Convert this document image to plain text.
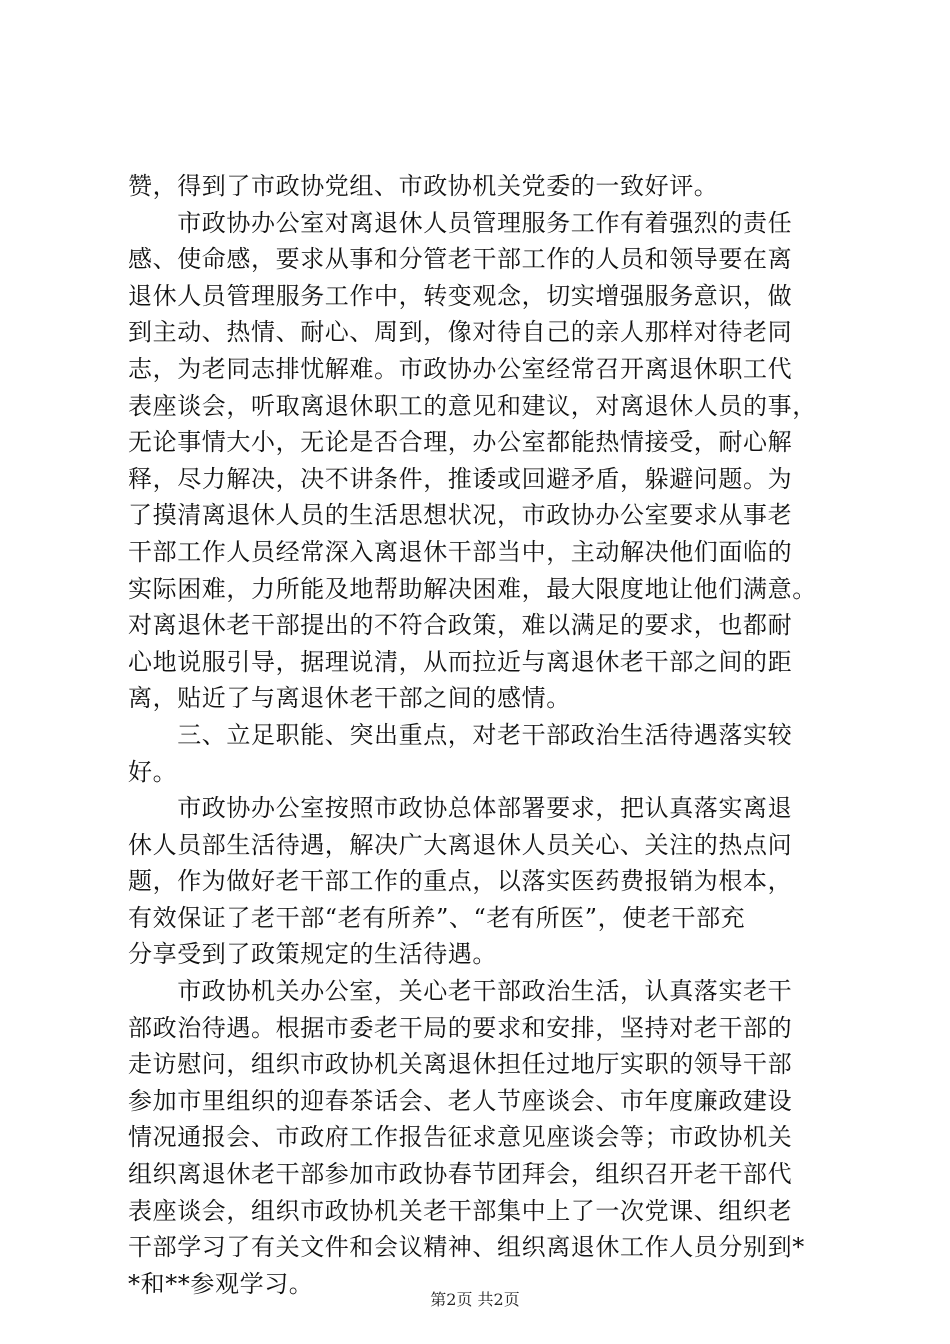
赞，得到了市政协党组、市政协机关党委的一致好评。
　　市政协办公室对离退休人员管理服务工作有着强烈的责任
感、使命感，要求从事和分管老干部工作的人员和领导要在离
退休人员管理服务工作中，转变观念，切实增强服务意识，做
到主动、热情、耐心、周到，像对待自己的亲人那样对待老同
志，为老同志排忧解难。市政协办公室经常召开离退休职工代
表座谈会，听取离退休职工的意见和建议，对离退休人员的事，
无论事情大小，无论是否合理，办公室都能热情接受，耐心解
释，尽力解决，决不讲条件，推诿或回避矛盾，躲避问题。为
了摸清离退休人员的生活思想状况，市政协办公室要求从事老
干部工作人员经常深入离退休干部当中，主动解决他们面临的
实际困难，力所能及地帮助解决困难，最大限度地让他们满意。
对离退休老干部提出的不符合政策，难以满足的要求，也都耐
心地说服引导，据理说清，从而拉近与离退休老干部之间的距
离，贴近了与离退休老干部之间的感情。
　　三、立足职能、突出重点，对老干部政治生活待遇落实较
好。
　　市政协办公室按照市政协总体部署要求，把认真落实离退
休人员部生活待遇，解决广大离退休人员关心、关注的热点问
题，作为做好老干部工作的重点，以落实医药费报销为根本，
有效保证了老干部“老有所养”、“老有所医”，使老干部充
分享受到了政策规定的生活待遇。
　　市政协机关办公室，关心老干部政治生活，认真落实老干
部政治待遇。根据市委老干局的要求和安排，坚持对老干部的
走访慰问，组织市政协机关离退休担任过地厅实职的领导干部
参加市里组织的迎春茶话会、老人节座谈会、市年度廉政建设
情况通报会、市政府工作报告征求意见座谈会等；市政协机关
组织离退休老干部参加市政协春节团拜会，组织召开老干部代
表座谈会，组织市政协机关老干部集中上了一次党课、组织老
干部学习了有关文件和会议精神、组织离退休工作人员分别到*
*和**参观学习。
第2页 共2页
